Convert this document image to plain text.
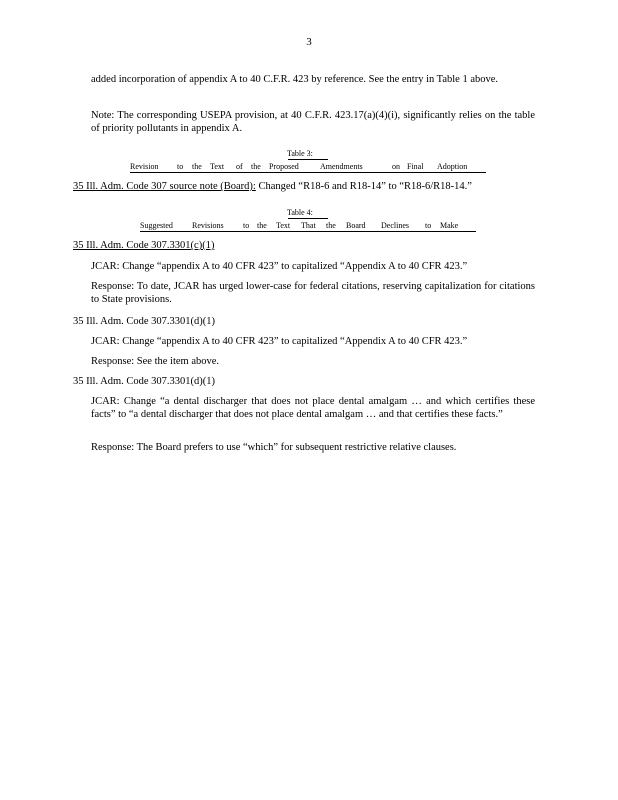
3
added incorporation of appendix A to 40 C.F.R. 423 by reference. See the entry in Table 1 above.
Note: The corresponding USEPA provision, at 40 C.F.R. 423.17(a)(4)(i), significantly relies on the table of priority pollutants in appendix A.
Table 3:
Revision to the Text of the Proposed	Amendments	on Final Adoption
35 Ill. Adm. Code 307 source note (Board): Changed “R18-6 and R18-14” to “R18-6/R18-14.”
Table 4:
Suggested Revisions to the Text That the Board Declines to Make
35 Ill. Adm. Code 307.3301(c)(1)
JCAR: Change “appendix A to 40 CFR 423” to capitalized “Appendix A to 40 CFR 423.”
Response: To date, JCAR has urged lower-case for federal citations, reserving capitalization for citations to State provisions.
35 Ill. Adm. Code 307.3301(d)(1)
JCAR: Change “appendix A to 40 CFR 423” to capitalized “Appendix A to 40 CFR 423.”
Response: See the item above.
35 Ill. Adm. Code 307.3301(d)(1)
JCAR: Change “a dental discharger that does not place dental amalgam … and which certifies these facts” to “a dental discharger that does not place dental amalgam … and that certifies these facts.”
Response: The Board prefers to use “which” for subsequent restrictive relative clauses.
